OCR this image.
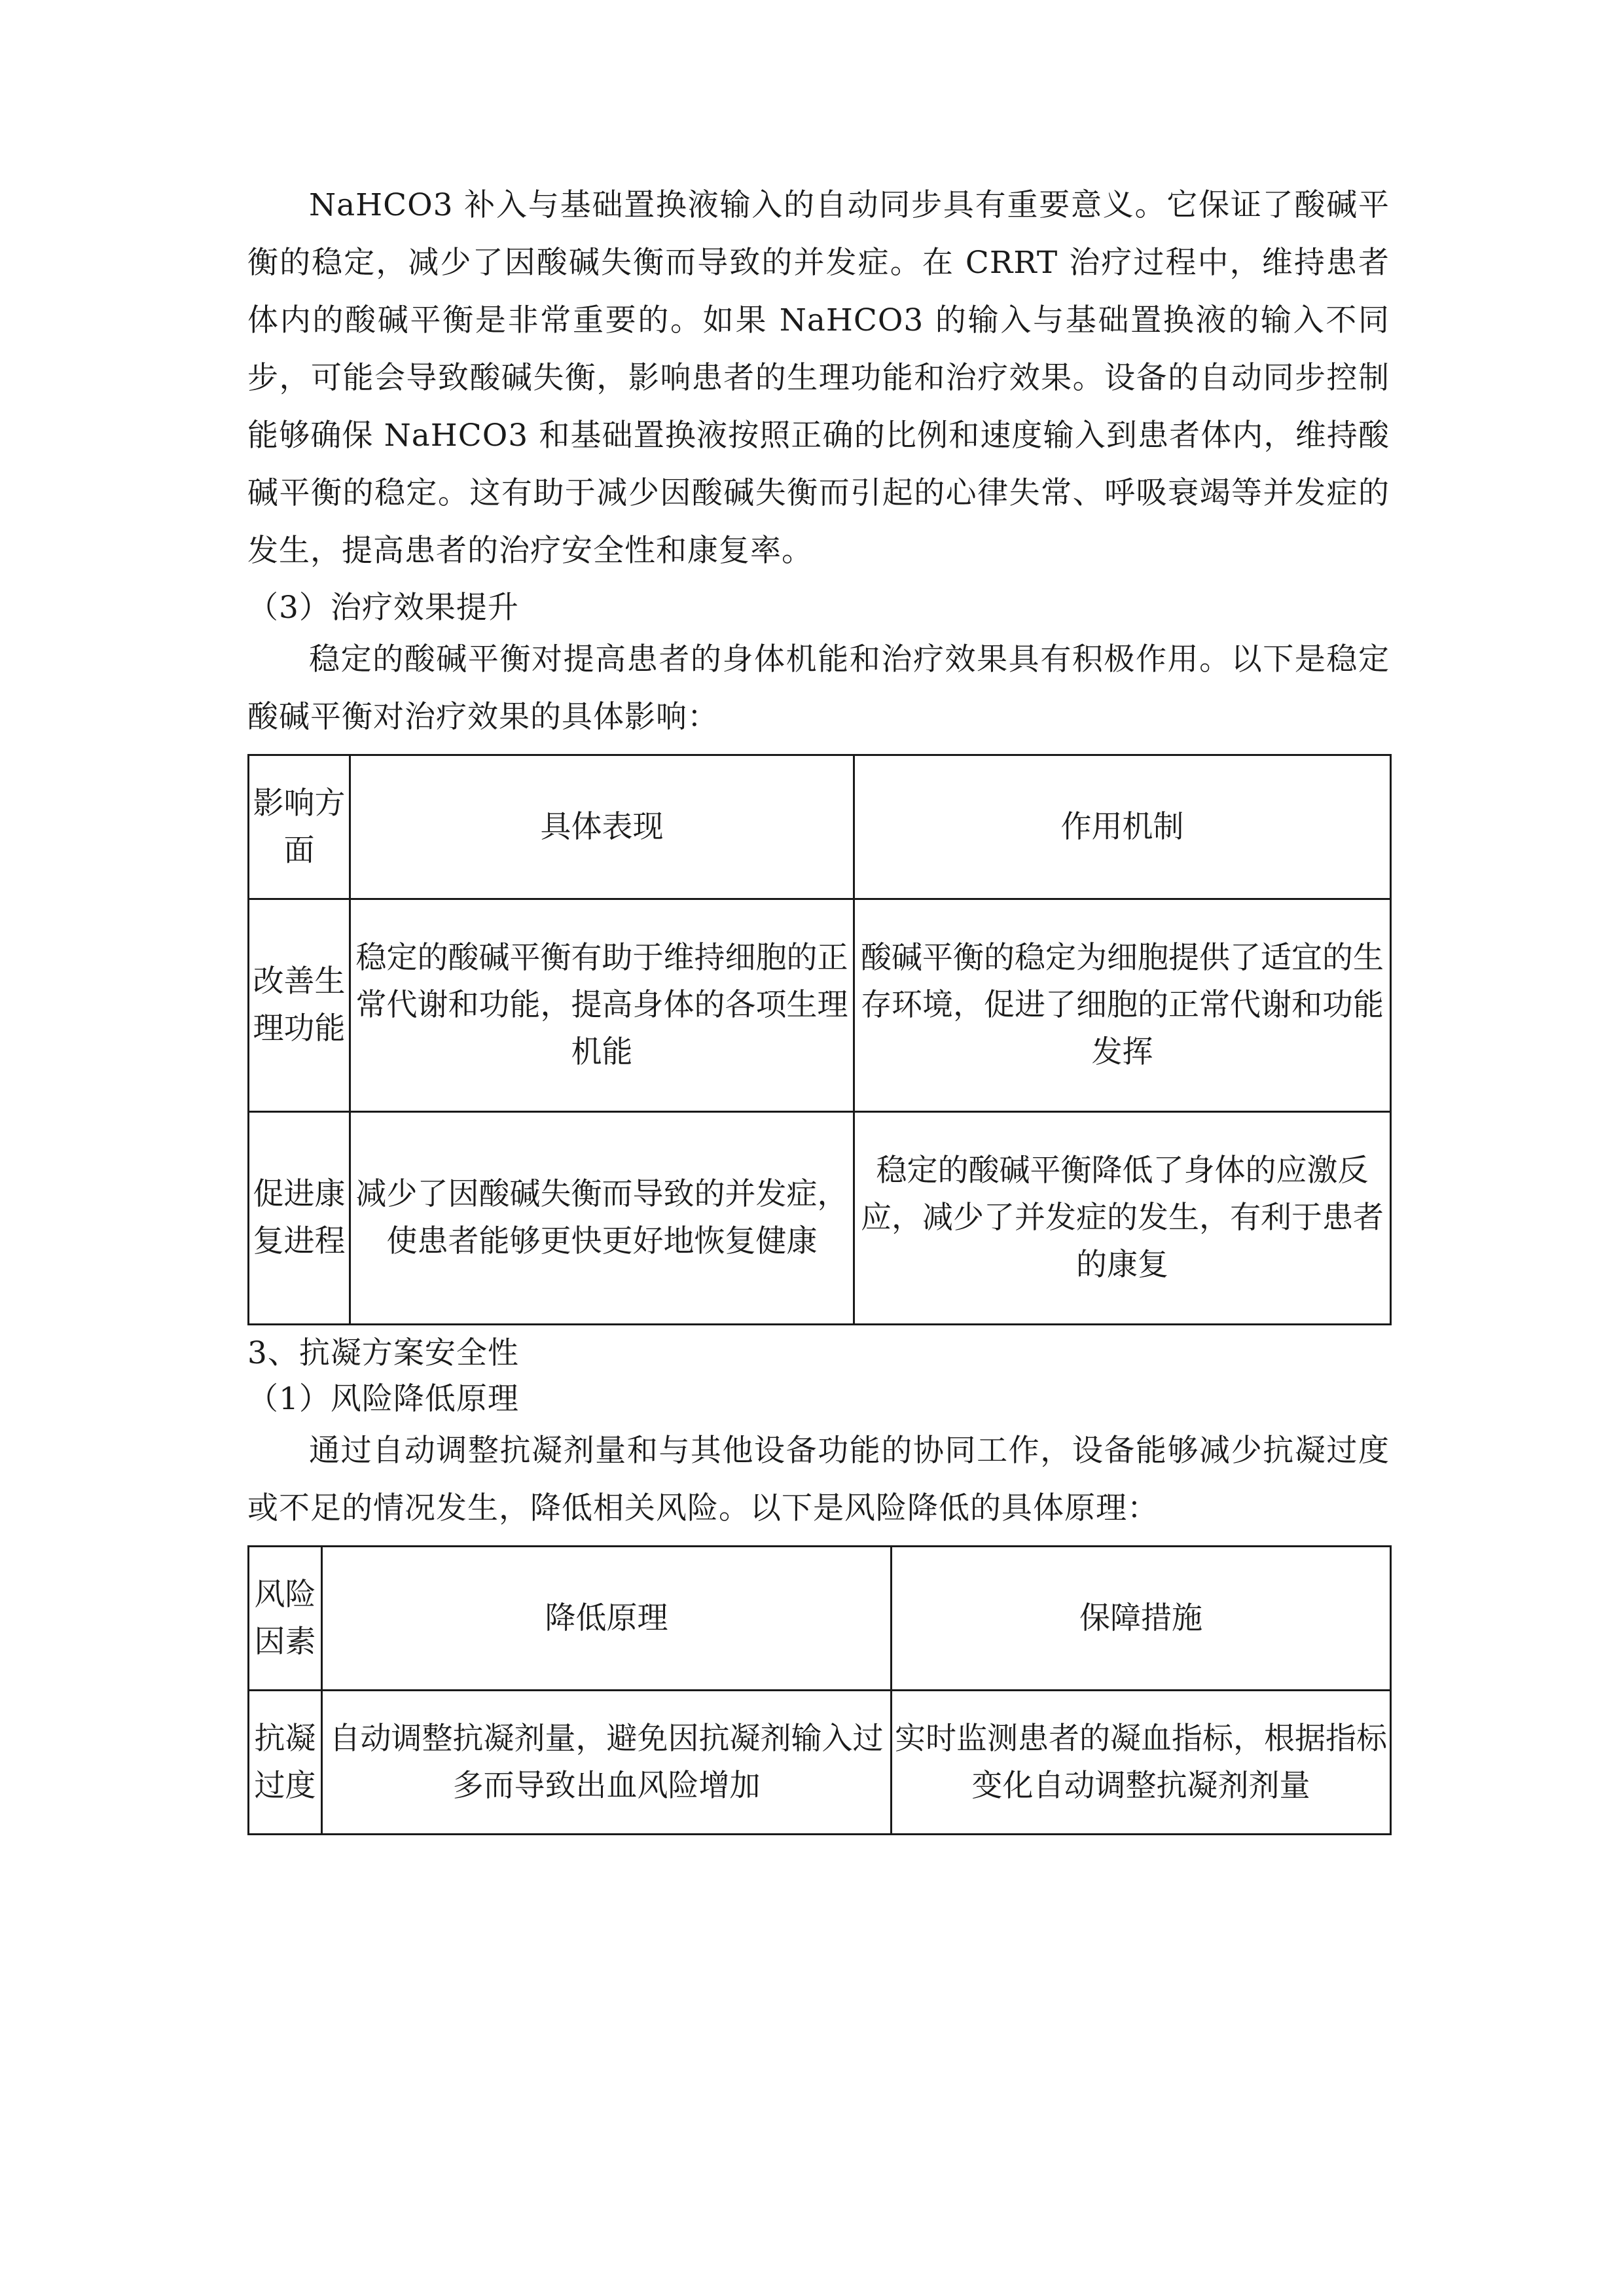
NaHCO3 补入与基础置换液输入的自动同步具有重要意义。它保证了酸碱平衡的稳定，减少了因酸碱失衡而导致的并发症。在 CRRT 治疗过程中，维持患者体内的酸碱平衡是非常重要的。如果 NaHCO3 的输入与基础置换液的输入不同步，可能会导致酸碱失衡，影响患者的生理功能和治疗效果。设备的自动同步控制能够确保 NaHCO3 和基础置换液按照正确的比例和速度输入到患者体内，维持酸碱平衡的稳定。这有助于减少因酸碱失衡而引起的心律失常、呼吸衰竭等并发症的发生，提高患者的治疗安全性和康复率。

（3）治疗效果提升

稳定的酸碱平衡对提高患者的身体机能和治疗效果具有积极作用。以下是稳定酸碱平衡对治疗效果的具体影响：

影响方面	具体表现	作用机制
改善生理功能	稳定的酸碱平衡有助于维持细胞的正常代谢和功能，提高身体的各项生理机能	酸碱平衡的稳定为细胞提供了适宜的生存环境，促进了细胞的正常代谢和功能发挥
促进康复进程	减少了因酸碱失衡而导致的并发症，使患者能够更快更好地恢复健康	稳定的酸碱平衡降低了身体的应激反应，减少了并发症的发生，有利于患者的康复

3、抗凝方案安全性

（1）风险降低原理

通过自动调整抗凝剂量和与其他设备功能的协同工作，设备能够减少抗凝过度或不足的情况发生，降低相关风险。以下是风险降低的具体原理：

风险因素	降低原理	保障措施
抗凝过度	自动调整抗凝剂量，避免因抗凝剂输入过多而导致出血风险增加	实时监测患者的凝血指标，根据指标变化自动调整抗凝剂剂量
